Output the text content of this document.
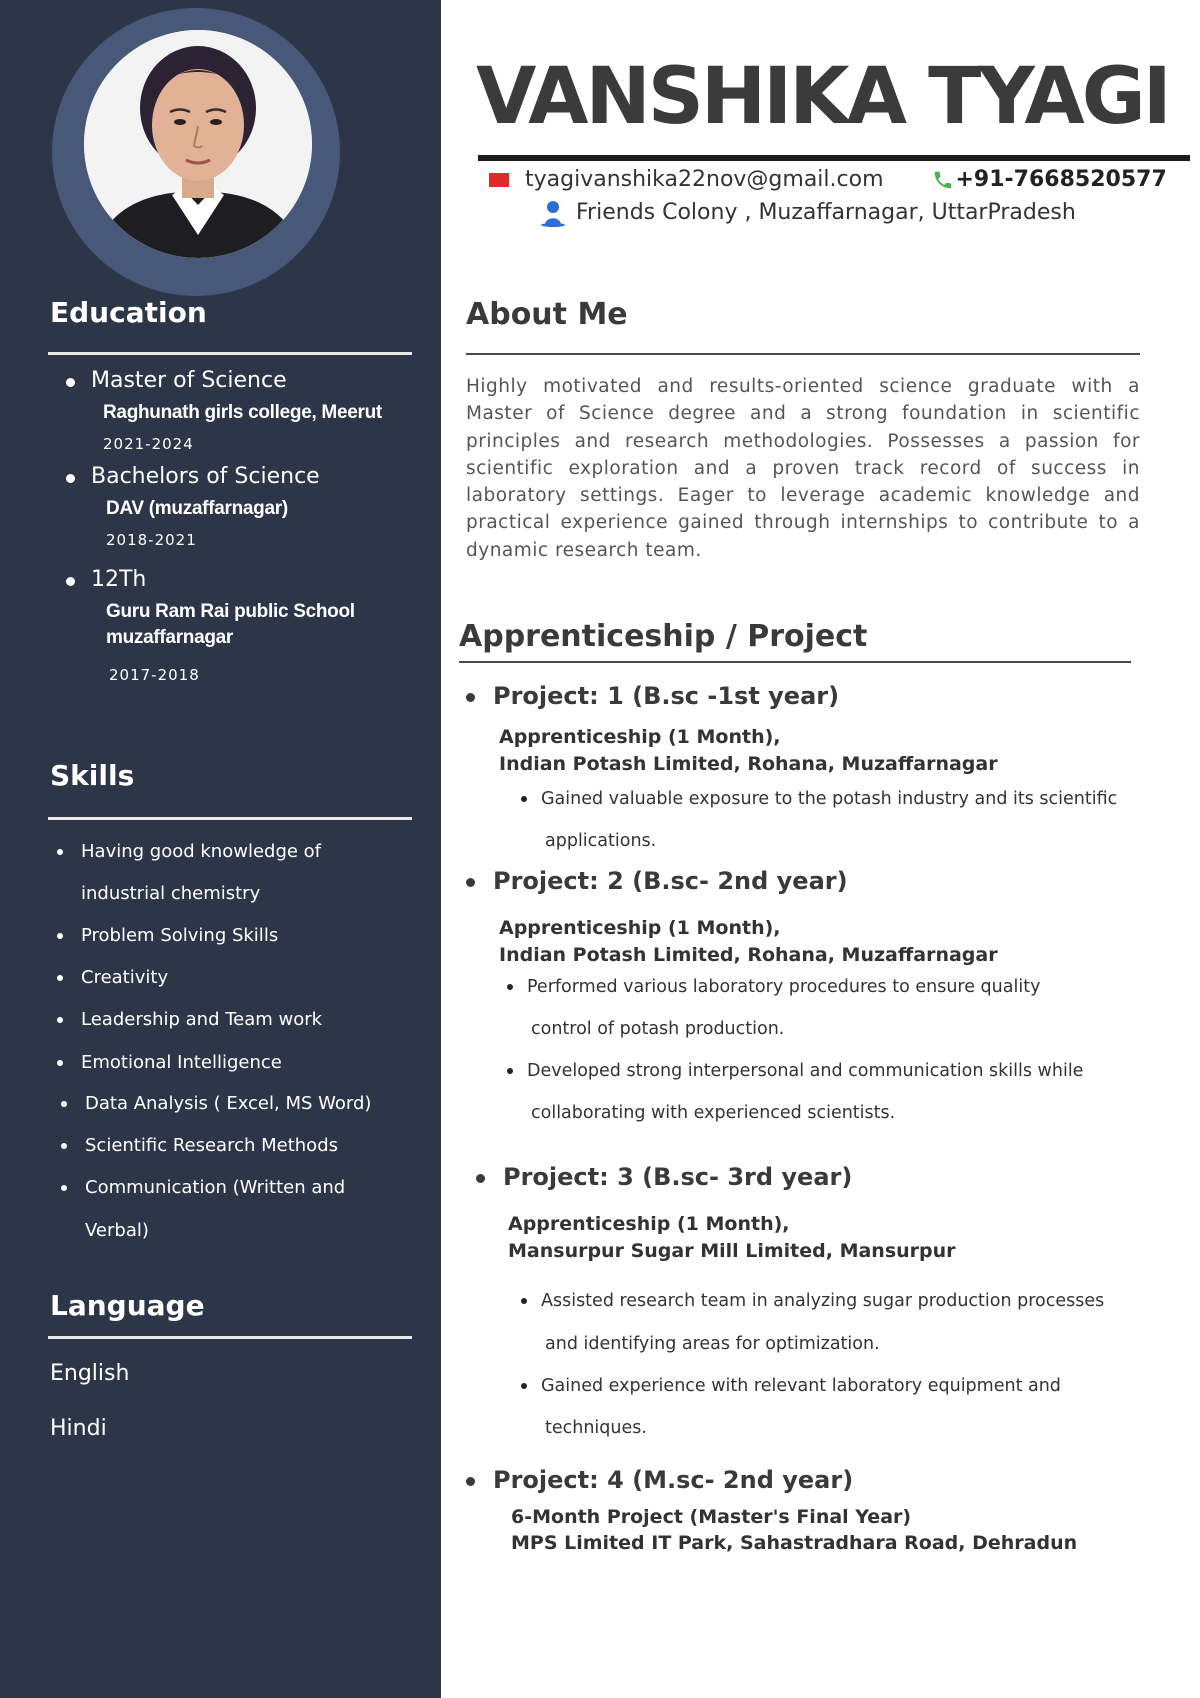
Education
Master of Science
Raghunath girls college, Meerut
2021-2024
Bachelors of Science
DAV (muzaffarnagar)
2018-2021
12Th
Guru Ram Rai public School
muzaffarnagar
2017-2018
Skills
Having good knowledge of
industrial chemistry
Problem Solving Skills
Creativity
Leadership and Team work
Emotional Intelligence
Data Analysis ( Excel, MS Word)
Scientific Research Methods
Communication (Written and
Verbal)
Language
English
Hindi
VANSHIKA TYAGI
tyagivanshika22nov@gmail.com	+91-7668520577
Friends Colony , Muzaffarnagar, UttarPradesh
About Me
Highly motivated and results-oriented science graduate with a Master of Science degree and a strong foundation in scientific principles and research methodologies. Possesses a passion for scientific exploration and a proven track record of success in laboratory settings. Eager to leverage academic knowledge and practical experience gained through internships to contribute to a dynamic research team.
Apprenticeship / Project
Project: 1 (B.sc -1st year)
Apprenticeship (1 Month),
Indian Potash Limited, Rohana, Muzaffarnagar
Gained valuable exposure to the potash industry and its scientific
applications.
Project: 2 (B.sc- 2nd year)
Apprenticeship (1 Month),
Indian Potash Limited, Rohana, Muzaffarnagar
Performed various laboratory procedures to ensure quality
control of potash production.
Developed strong interpersonal and communication skills while
collaborating with experienced scientists.
Project: 3 (B.sc- 3rd year)
Apprenticeship (1 Month),
Mansurpur Sugar Mill Limited, Mansurpur
Assisted research team in analyzing sugar production processes
and identifying areas for optimization.
Gained experience with relevant laboratory equipment and
techniques.
Project: 4 (M.sc- 2nd year)
6-Month Project (Master's Final Year)
MPS Limited IT Park, Sahastradhara Road, Dehradun
